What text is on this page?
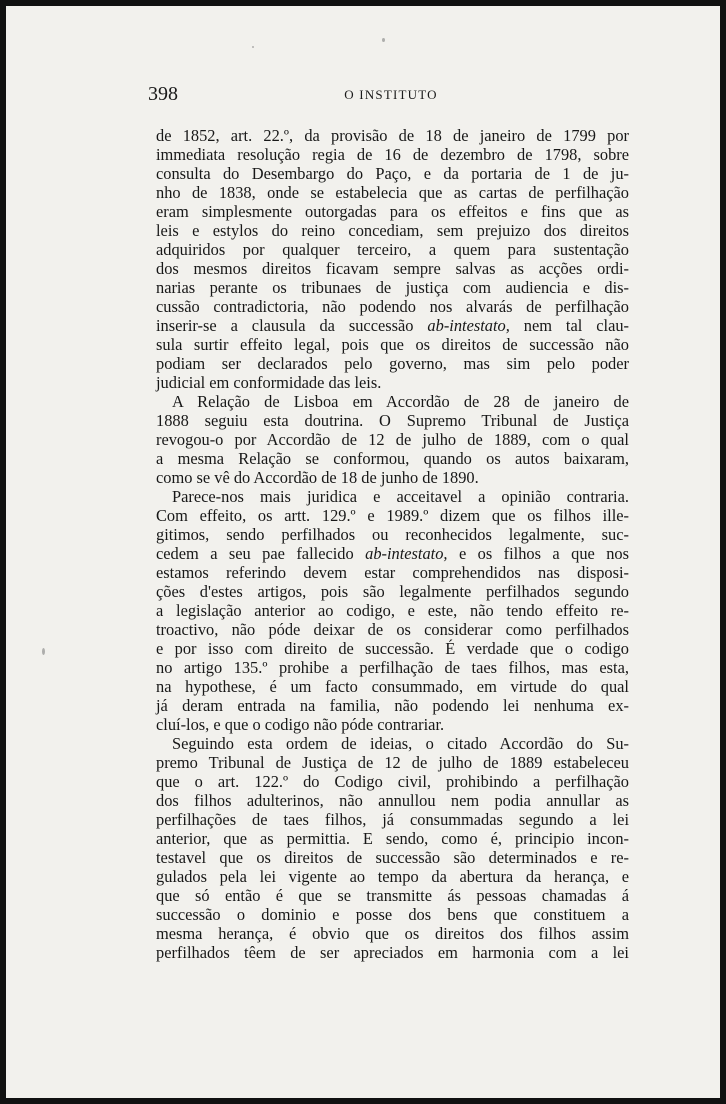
398	O INSTITUTO
de 1852, art. 22.º, da provisão de 18 de janeiro de 1799 por
immediata resolução regia de 16 de dezembro de 1798, sobre
consulta do Desembargo do Paço, e da portaria de 1 de ju-
nho de 1838, onde se estabelecia que as cartas de perfilhação
eram simplesmente outorgadas para os effeitos e fins que as
leis e estylos do reino concediam, sem prejuizo dos direitos
adquiridos por qualquer terceiro, a quem para sustentação
dos mesmos direitos ficavam sempre salvas as acções ordi-
narias perante os tribunaes de justiça com audiencia e dis-
cussão contradictoria, não podendo nos alvarás de perfilhação
inserir-se a clausula da successão ab-intestato, nem tal clau-
sula surtir effeito legal, pois que os direitos de successão não
podiam ser declarados pelo governo, mas sim pelo poder
judicial em conformidade das leis.
A Relação de Lisboa em Accordão de 28 de janeiro de
1888 seguiu esta doutrina. O Supremo Tribunal de Justiça
revogou-o por Accordão de 12 de julho de 1889, com o qual
a mesma Relação se conformou, quando os autos baixaram,
como se vê do Accordão de 18 de junho de 1890.
Parece-nos mais juridica e acceitavel a opinião contraria.
Com effeito, os artt. 129.º e 1989.º dizem que os filhos ille-
gitimos, sendo perfilhados ou reconhecidos legalmente, suc-
cedem a seu pae fallecido ab-intestato, e os filhos a que nos
estamos referindo devem estar comprehendidos nas disposi-
ções d'estes artigos, pois são legalmente perfilhados segundo
a legislação anterior ao codigo, e este, não tendo effeito re-
troactivo, não póde deixar de os considerar como perfilhados
e por isso com direito de successão. É verdade que o codigo
no artigo 135.º prohibe a perfilhação de taes filhos, mas esta,
na hypothese, é um facto consummado, em virtude do qual
já deram entrada na familia, não podendo lei nenhuma ex-
cluí-los, e que o codigo não póde contrariar.
Seguindo esta ordem de ideias, o citado Accordão do Su-
premo Tribunal de Justiça de 12 de julho de 1889 estabeleceu
que o art. 122.º do Codigo civil, prohibindo a perfilhação
dos filhos adulterinos, não annullou nem podia annullar as
perfilhações de taes filhos, já consummadas segundo a lei
anterior, que as permittia. E sendo, como é, principio incon-
testavel que os direitos de successão são determinados e re-
gulados pela lei vigente ao tempo da abertura da herança, e
que só então é que se transmitte ás pessoas chamadas á
successão o dominio e posse dos bens que constituem a
mesma herança, é obvio que os direitos dos filhos assim
perfilhados têem de ser apreciados em harmonia com a lei
